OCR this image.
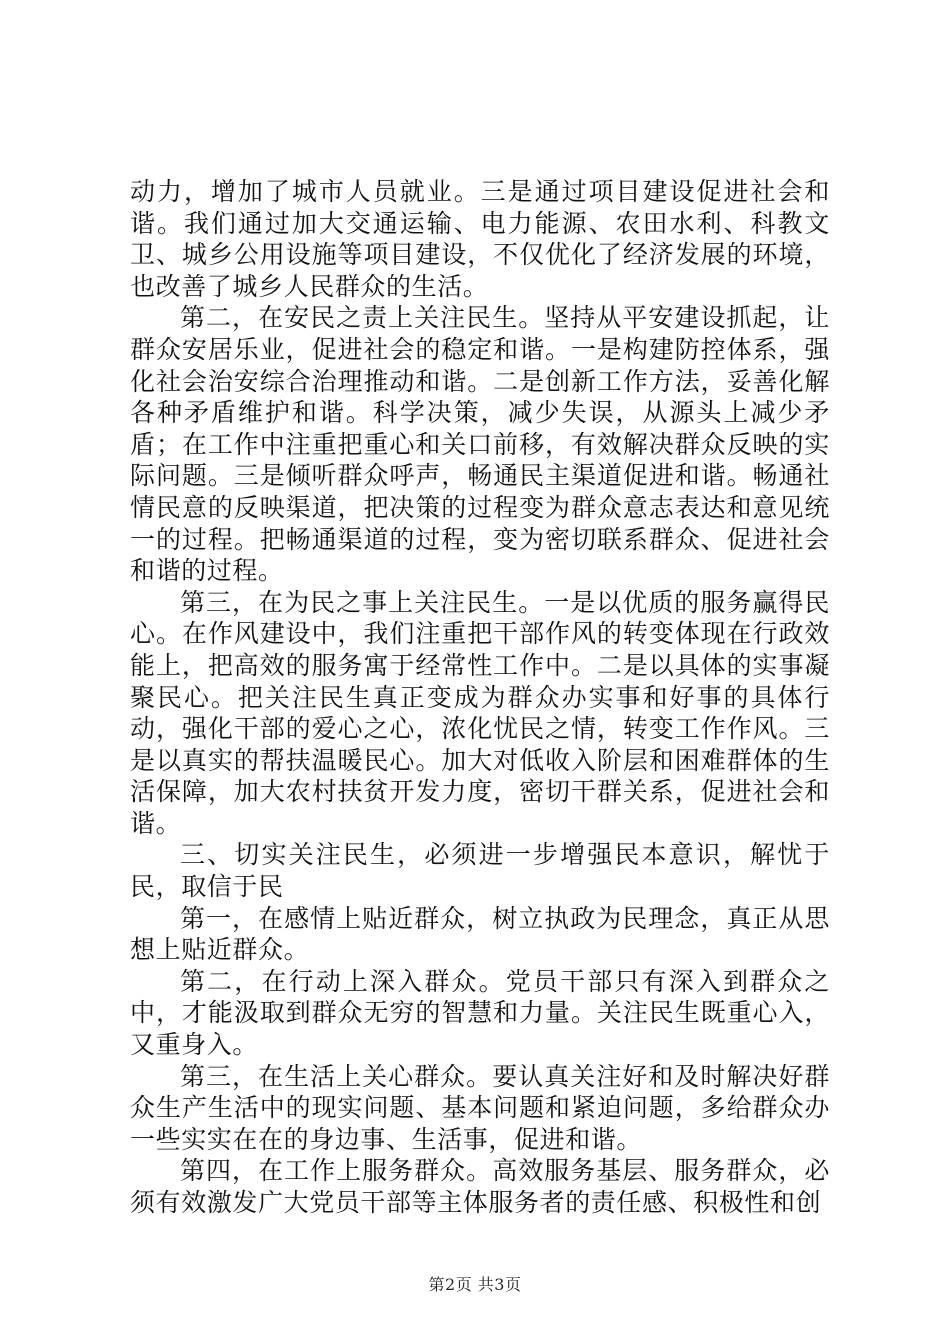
动力，增加了城市人员就业。三是通过项目建设促进社会和谐。我们通过加大交通运输、电力能源、农田水利、科教文卫、城乡公用设施等项目建设，不仅优化了经济发展的环境，也改善了城乡人民群众的生活。

第二，在安民之责上关注民生。坚持从平安建设抓起，让群众安居乐业，促进社会的稳定和谐。一是构建防控体系，强化社会治安综合治理推动和谐。二是创新工作方法，妥善化解各种矛盾维护和谐。科学决策，减少失误，从源头上减少矛盾；在工作中注重把重心和关口前移，有效解决群众反映的实际问题。三是倾听群众呼声，畅通民主渠道促进和谐。畅通社情民意的反映渠道，把决策的过程变为群众意志表达和意见统一的过程。把畅通渠道的过程，变为密切联系群众、促进社会和谐的过程。

第三，在为民之事上关注民生。一是以优质的服务赢得民心。在作风建设中，我们注重把干部作风的转变体现在行政效能上，把高效的服务寓于经常性工作中。二是以具体的实事凝聚民心。把关注民生真正变成为群众办实事和好事的具体行动，强化干部的爱心之心，浓化忧民之情，转变工作作风。三是以真实的帮扶温暖民心。加大对低收入阶层和困难群体的生活保障，加大农村扶贫开发力度，密切干群关系，促进社会和谐。

三、切实关注民生，必须进一步增强民本意识，解忧于民，取信于民

第一，在感情上贴近群众，树立执政为民理念，真正从思想上贴近群众。

第二，在行动上深入群众。党员干部只有深入到群众之中，才能汲取到群众无穷的智慧和力量。关注民生既重心入，又重身入。

第三，在生活上关心群众。要认真关注好和及时解决好群众生产生活中的现实问题、基本问题和紧迫问题，多给群众办一些实实在在的身边事、生活事，促进和谐。

第四，在工作上服务群众。高效服务基层、服务群众，必须有效激发广大党员干部等主体服务者的责任感、积极性和创

第2页 共3页
